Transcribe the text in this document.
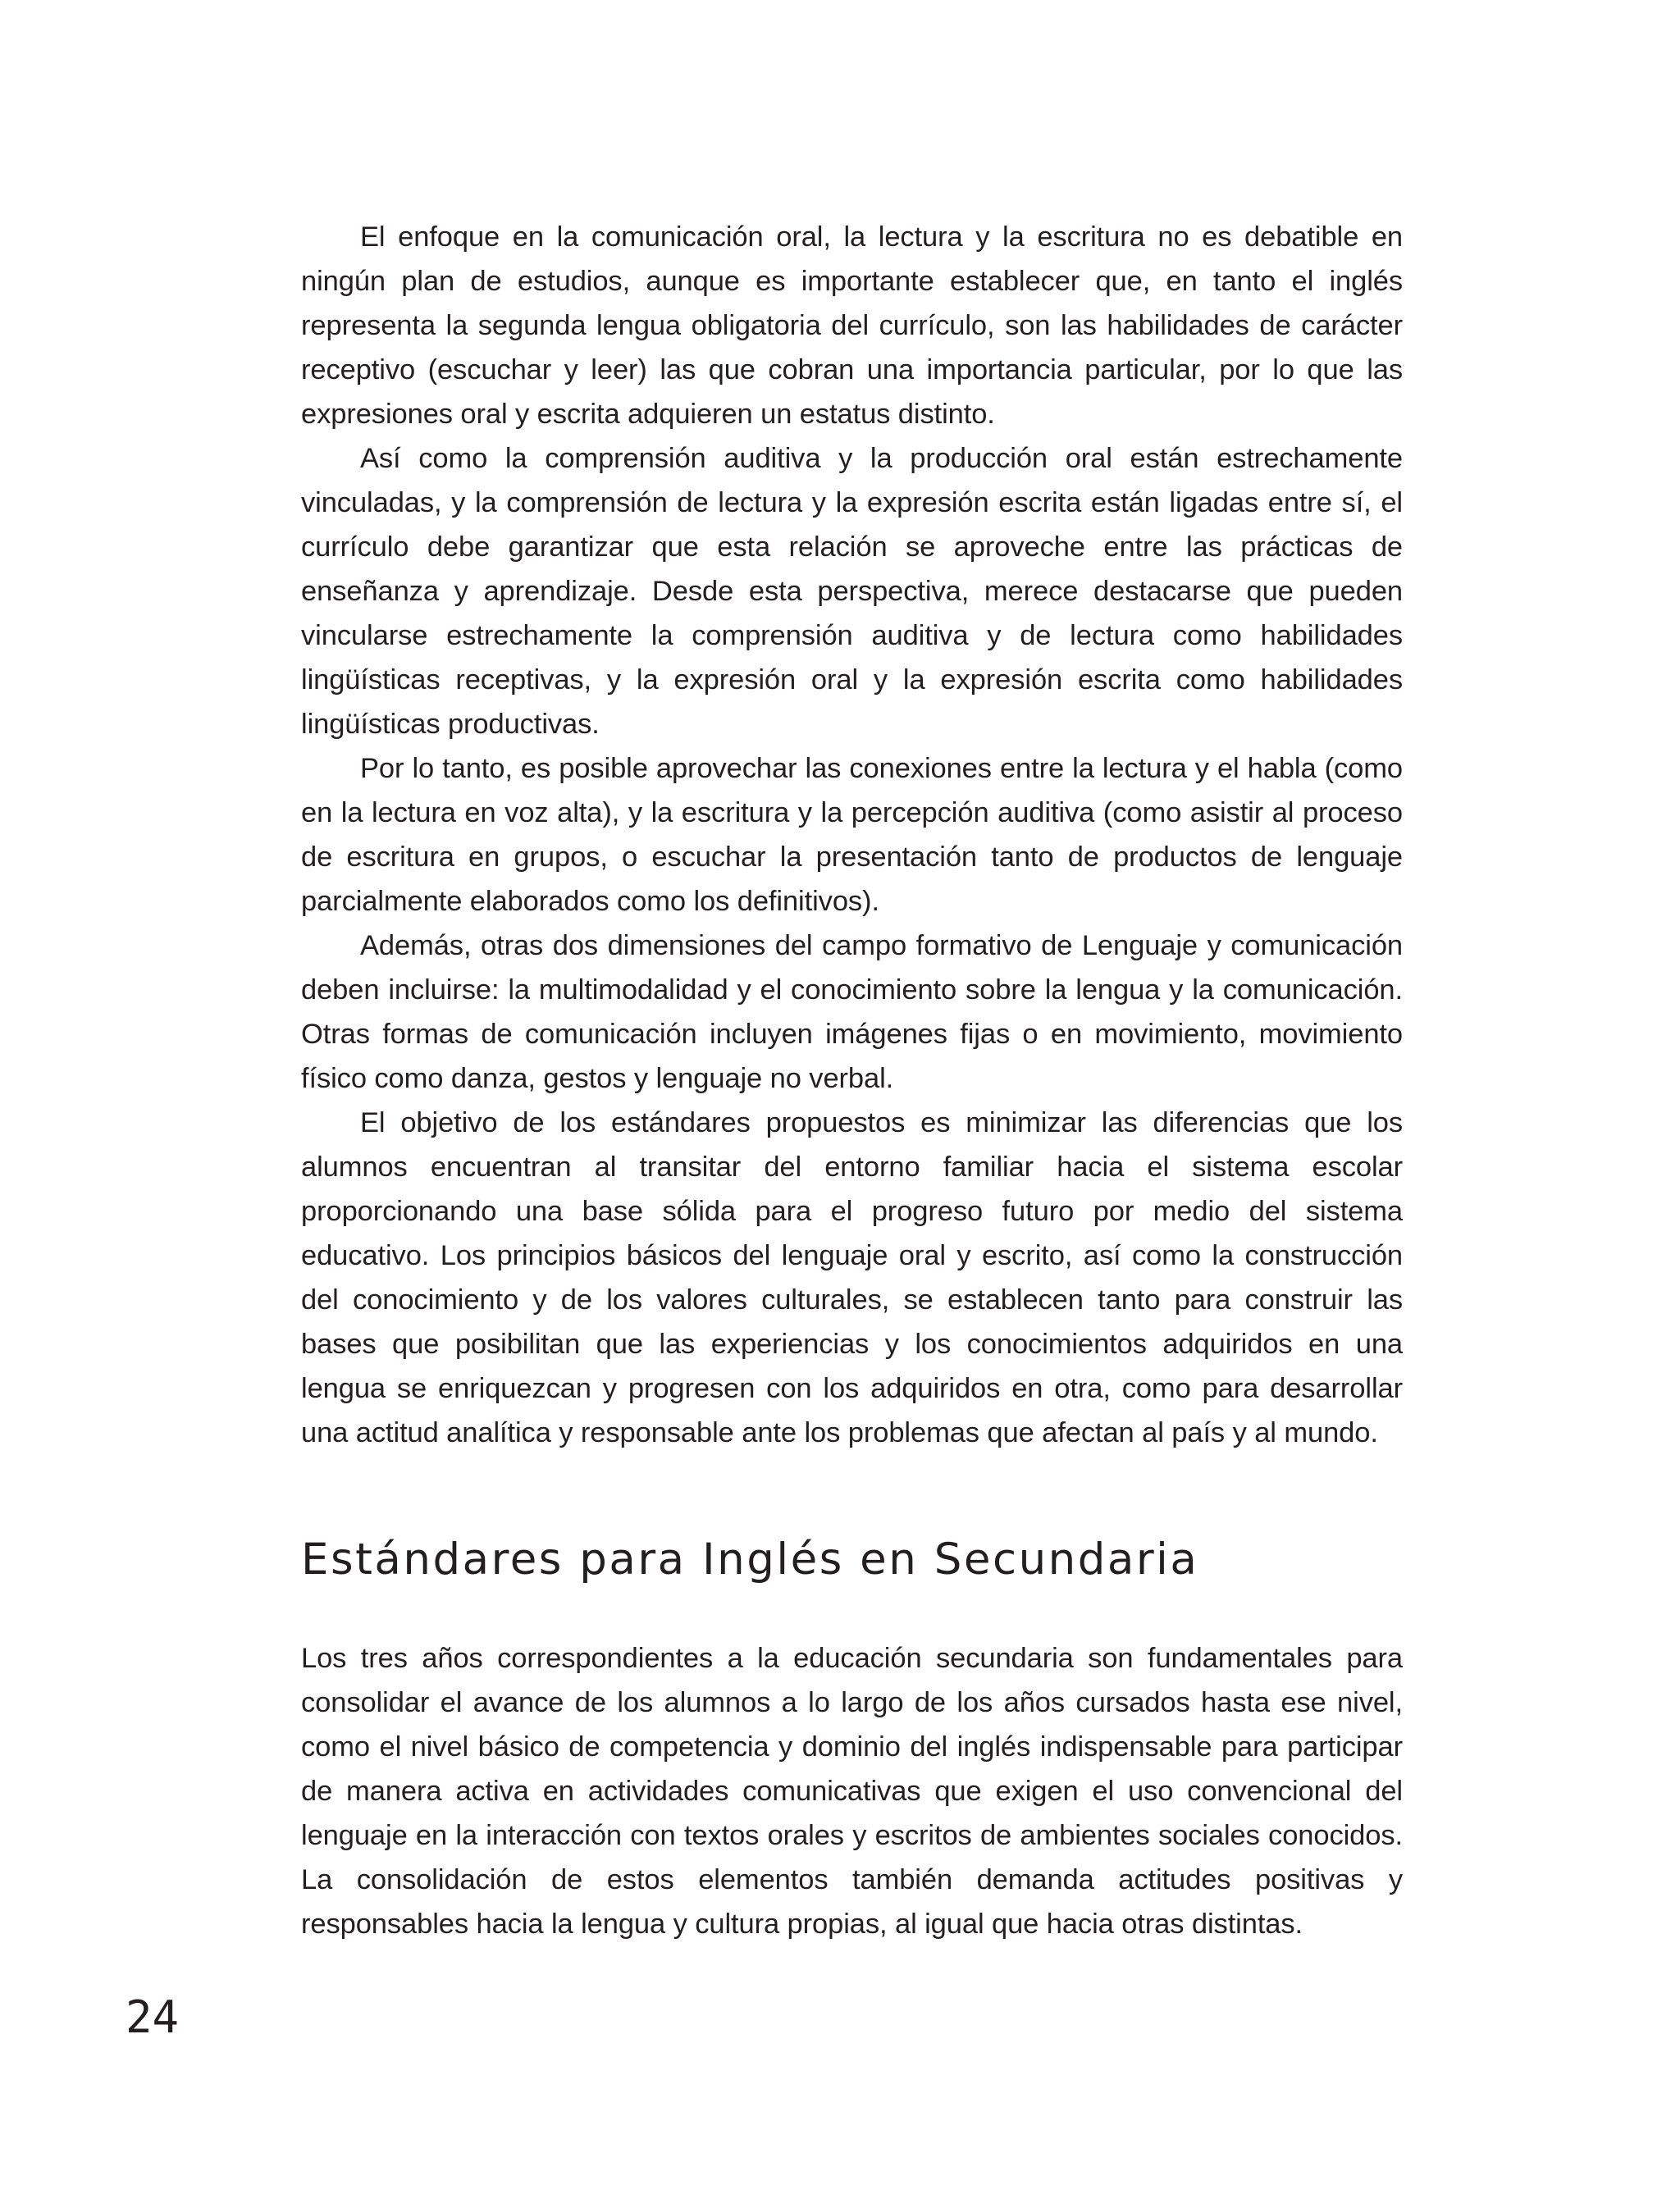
El enfoque en la comunicación oral, la lectura y la escritura no es debatible en ningún plan de estudios, aunque es importante establecer que, en tanto el inglés representa la segunda lengua obligatoria del currículo, son las habilidades de carácter receptivo (escuchar y leer) las que cobran una importancia particular, por lo que las expresiones oral y escrita adquieren un estatus distinto.

Así como la comprensión auditiva y la producción oral están estrechamente vinculadas, y la comprensión de lectura y la expresión escrita están ligadas entre sí, el currículo debe garantizar que esta relación se aproveche entre las prácticas de enseñanza y aprendizaje. Desde esta perspectiva, merece destacarse que pueden vincularse estrechamente la comprensión auditiva y de lectura como habilidades lingüísticas receptivas, y la expresión oral y la expresión escrita como habilidades lingüísticas productivas.

Por lo tanto, es posible aprovechar las conexiones entre la lectura y el habla (como en la lectura en voz alta), y la escritura y la percepción auditiva (como asistir al proceso de escritura en grupos, o escuchar la presentación tanto de productos de lenguaje parcialmente elaborados como los definitivos).

Además, otras dos dimensiones del campo formativo de Lenguaje y comunicación deben incluirse: la multimodalidad y el conocimiento sobre la lengua y la comunicación. Otras formas de comunicación incluyen imágenes fijas o en movimiento, movimiento físico como danza, gestos y lenguaje no verbal.

El objetivo de los estándares propuestos es minimizar las diferencias que los alumnos encuentran al transitar del entorno familiar hacia el sistema escolar proporcionando una base sólida para el progreso futuro por medio del sistema educativo. Los principios básicos del lenguaje oral y escrito, así como la construcción del conocimiento y de los valores culturales, se establecen tanto para construir las bases que posibilitan que las experiencias y los conocimientos adquiridos en una lengua se enriquezcan y progresen con los adquiridos en otra, como para desarrollar una actitud analítica y responsable ante los problemas que afectan al país y al mundo.

Estándares para Inglés en Secundaria

Los tres años correspondientes a la educación secundaria son fundamentales para consolidar el avance de los alumnos a lo largo de los años cursados hasta ese nivel, como el nivel básico de competencia y dominio del inglés indispensable para participar de manera activa en actividades comunicativas que exigen el uso convencional del lenguaje en la interacción con textos orales y escritos de ambientes sociales conocidos. La consolidación de estos elementos también demanda actitudes positivas y responsables hacia la lengua y cultura propias, al igual que hacia otras distintas.

24
